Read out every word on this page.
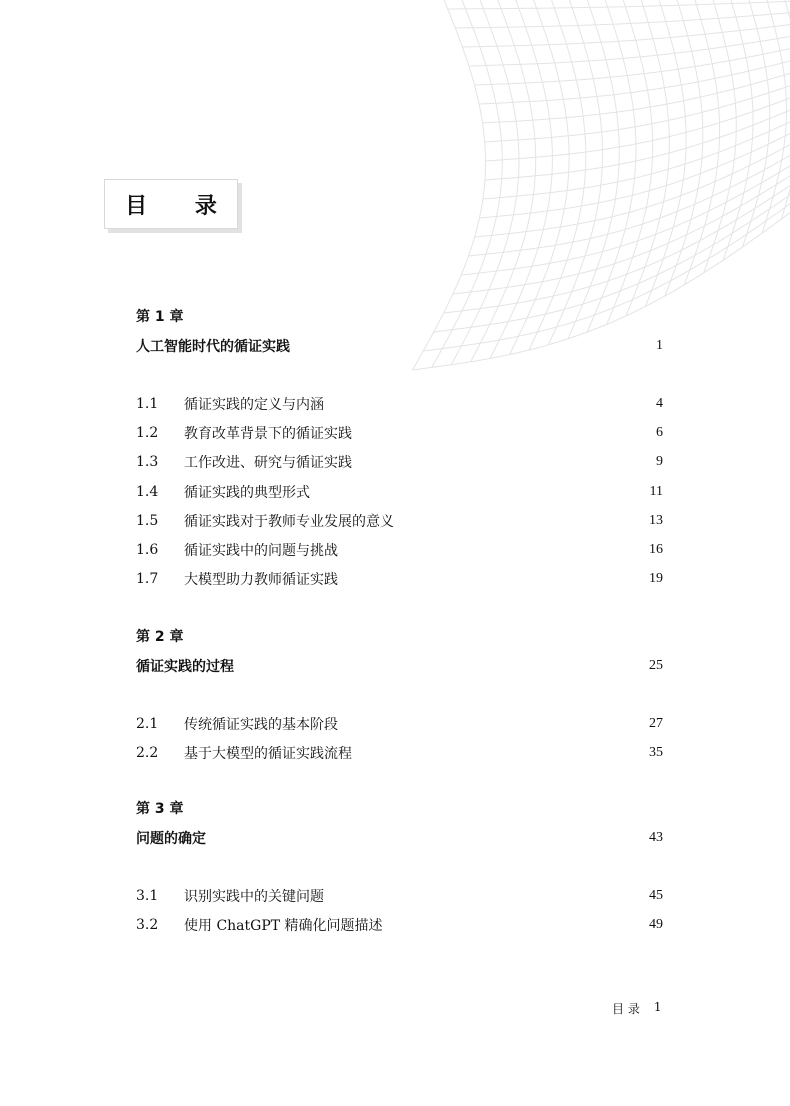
目 录
第 1 章
人工智能时代的循证实践	1
1.1	循证实践的定义与内涵	4
1.2	教育改革背景下的循证实践	6
1.3	工作改进、研究与循证实践	9
1.4	循证实践的典型形式	11
1.5	循证实践对于教师专业发展的意义	13
1.6	循证实践中的问题与挑战	16
1.7	大模型助力教师循证实践	19
第 2 章
循证实践的过程	25
2.1	传统循证实践的基本阶段	27
2.2	基于大模型的循证实践流程	35
第 3 章
问题的确定	43
3.1	识别实践中的关键问题	45
3.2	使用 ChatGPT 精确化问题描述	49
目 录 1
